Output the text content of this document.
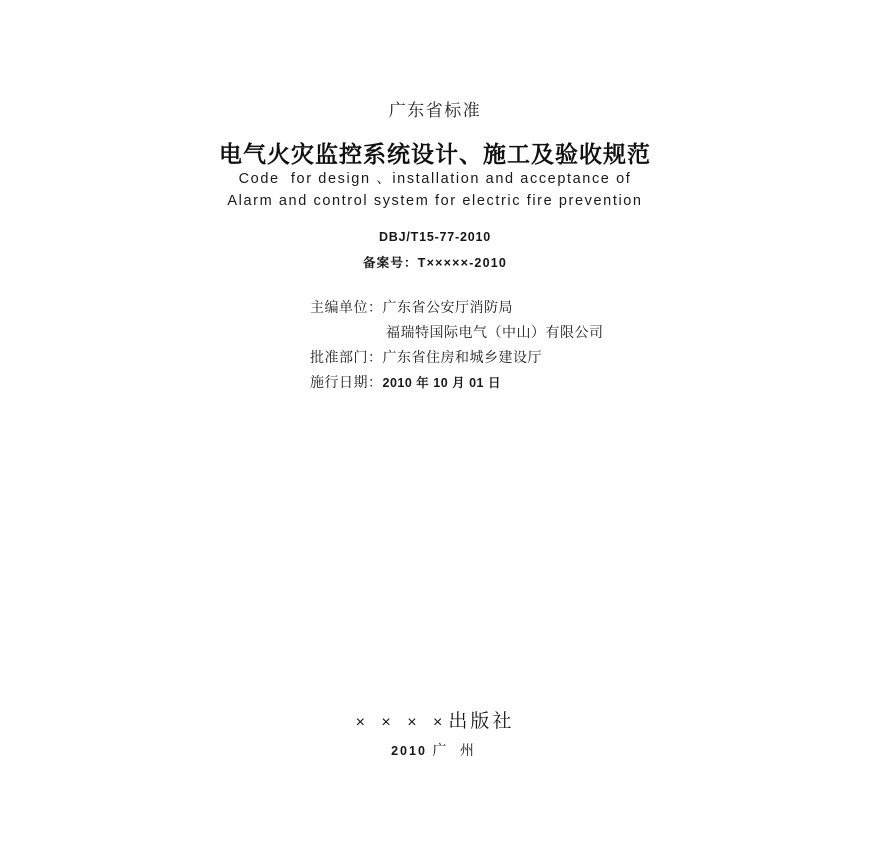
广东省标准
电气火灾监控系统设计、施工及验收规范
Code  for design 、installation and acceptance of
Alarm and control system for electric fire prevention
DBJ/T15-77-2010
备案号：T×××××-2010
主编单位：广东省公安厅消防局
福瑞特国际电气（中山）有限公司
批准部门：广东省住房和城乡建设厅
施行日期：2010 年 10 月 01 日
× × × ×出版社
2010 广 州
